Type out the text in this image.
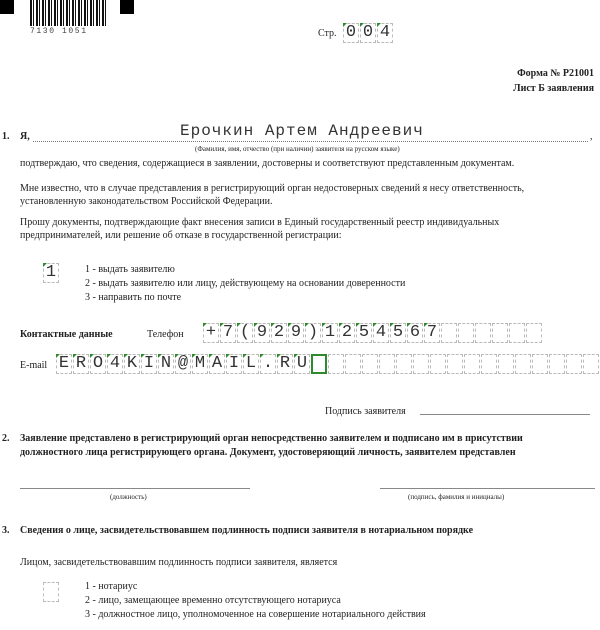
7130 1051	Стр. 0 0 4
Форма № Р21001
Лист Б заявления
1. Я,	Ерочкин Артем Андреевич	,
(Фамилия, имя, отчество (при наличии) заявителя на русском языке)
подтверждаю, что сведения, содержащиеся в заявлении, достоверны и соответствуют представленным документам.
Мне известно, что в случае представления в регистрирующий орган недостоверных сведений я несу ответственность,
установленную законодательством Российской Федерации.
Прошу документы, подтверждающие факт внесения записи в Единый государственный реестр индивидуальных
предпринимателей, или решение об отказе в государственной регистрации:
1	1 - выдать заявителю
2 - выдать заявителю или лицу, действующему на основании доверенности
3 - направить по почте
Контактные данные	Телефон + 7 ( 9 2 9 ) 1 2 5 4 5 6 7
E-mail E R O 4 K I N @ M A I L . R U
Подпись заявителя
2. Заявление представлено в регистрирующий орган непосредственно заявителем и подписано им в присутствии
должностного лица регистрирующего органа. Документ, удостоверяющий личность, заявителем представлен
(должность)	(подпись, фамилия и инициалы)
3. Сведения о лице, засвидетельствовавшем подлинность подписи заявителя в нотариальном порядке
Лицом, засвидетельствовавшим подлинность подписи заявителя, является
1 - нотариус
2 - лицо, замещающее временно отсутствующего нотариуса
3 - должностное лицо, уполномоченное на совершение нотариального действия
